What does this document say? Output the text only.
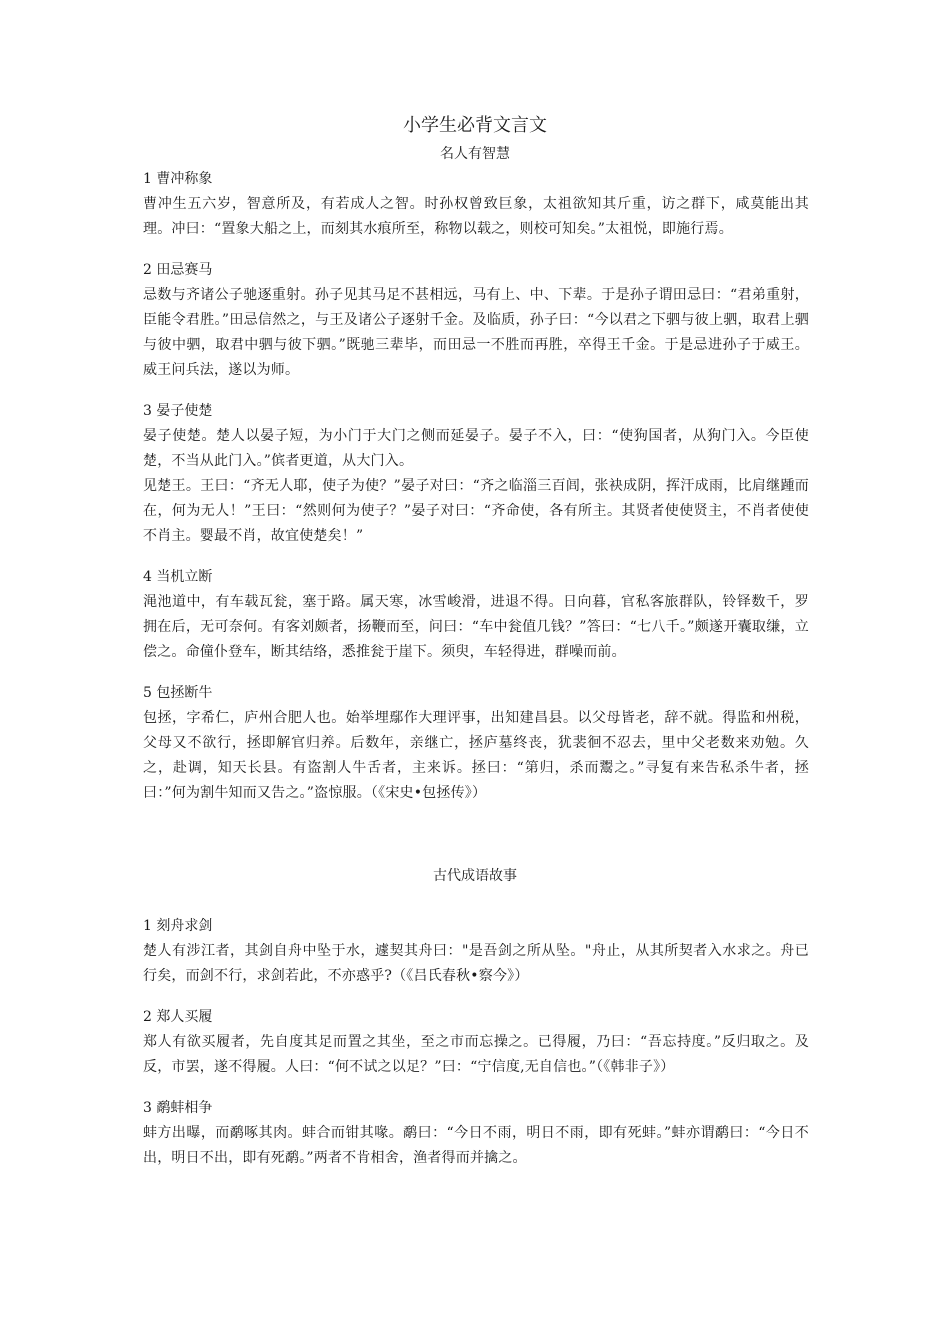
小学生必背文言文
名人有智慧

1 曹冲称象

曹冲生五六岁，智意所及，有若成人之智。时孙权曾致巨象，太祖欲知其斤重，访之群下，咸莫能出其理。冲曰：“置象大船之上，而刻其水痕所至，称物以载之，则校可知矣。”太祖悦，即施行焉。

2 田忌赛马

忌数与齐诸公子驰逐重射。孙子见其马足不甚相远，马有上、中、下辈。于是孙子谓田忌曰：“君弟重射，臣能令君胜。”田忌信然之，与王及诸公子逐射千金。及临质，孙子曰：“今以君之下驷与彼上驷，取君上驷与彼中驷，取君中驷与彼下驷。”既驰三辈毕，而田忌一不胜而再胜，卒得王千金。于是忌进孙子于威王。威王问兵法，遂以为师。

3 晏子使楚

晏子使楚。楚人以晏子短，为小门于大门之侧而延晏子。晏子不入，曰：“使狗国者，从狗门入。今臣使楚，不当从此门入。”傧者更道，从大门入。

见楚王。王曰：“齐无人耶，使子为使？”晏子对曰：“齐之临淄三百闾，张袂成阴，挥汗成雨，比肩继踵而在，何为无人！”王曰：“然则何为使子？”晏子对曰：“齐命使，各有所主。其贤者使使贤主，不肖者使使不肖主。婴最不肖，故宜使楚矣！”

4 当机立断

渑池道中，有车载瓦瓮，塞于路。属天寒，冰雪峻滑，进退不得。日向暮，官私客旅群队，铃铎数千，罗拥在后，无可奈何。有客刘颇者，扬鞭而至，问曰：“车中瓮值几钱？”答曰：“七八千。”颇遂开囊取缣，立偿之。命僮仆登车，断其结络，悉推瓮于崖下。须臾，车轻得进，群噪而前。

5 包拯断牛

包拯，字希仁，庐州合肥人也。始举埋鄢作大理评事，出知建昌县。以父母皆老，辞不就。得监和州税，父母又不欲行，拯即解官归养。后数年，亲继亡，拯庐墓终丧，犹裴徊不忍去，里中父老数来劝勉。久之，赴调，知天长县。有盗割人牛舌者，主来诉。拯曰：“第归，杀而鬻之。”寻复有来告私杀牛者，拯曰：”何为割牛知而又告之。”盗惊服。（《宋史•包拯传》）

古代成语故事

1 刻舟求剑

楚人有涉江者，其剑自舟中坠于水，遽契其舟曰："是吾剑之所从坠。"舟止，从其所契者入水求之。舟已行矣，而剑不行，求剑若此，不亦惑乎?（《吕氏春秋•察今》）

2 郑人买履

郑人有欲买履者，先自度其足而置之其坐，至之市而忘操之。已得履，乃曰：“吾忘持度。”反归取之。及反，市罢，遂不得履。人曰：“何不试之以足？”曰：“宁信度,无自信也。”（《韩非子》）

3 鹬蚌相争

蚌方出曝，而鹬啄其肉。蚌合而钳其喙。鹬曰：“今日不雨，明日不雨，即有死蚌。”蚌亦谓鹬曰：“今日不出，明日不出，即有死鹬。”两者不肯相舍，渔者得而并擒之。
